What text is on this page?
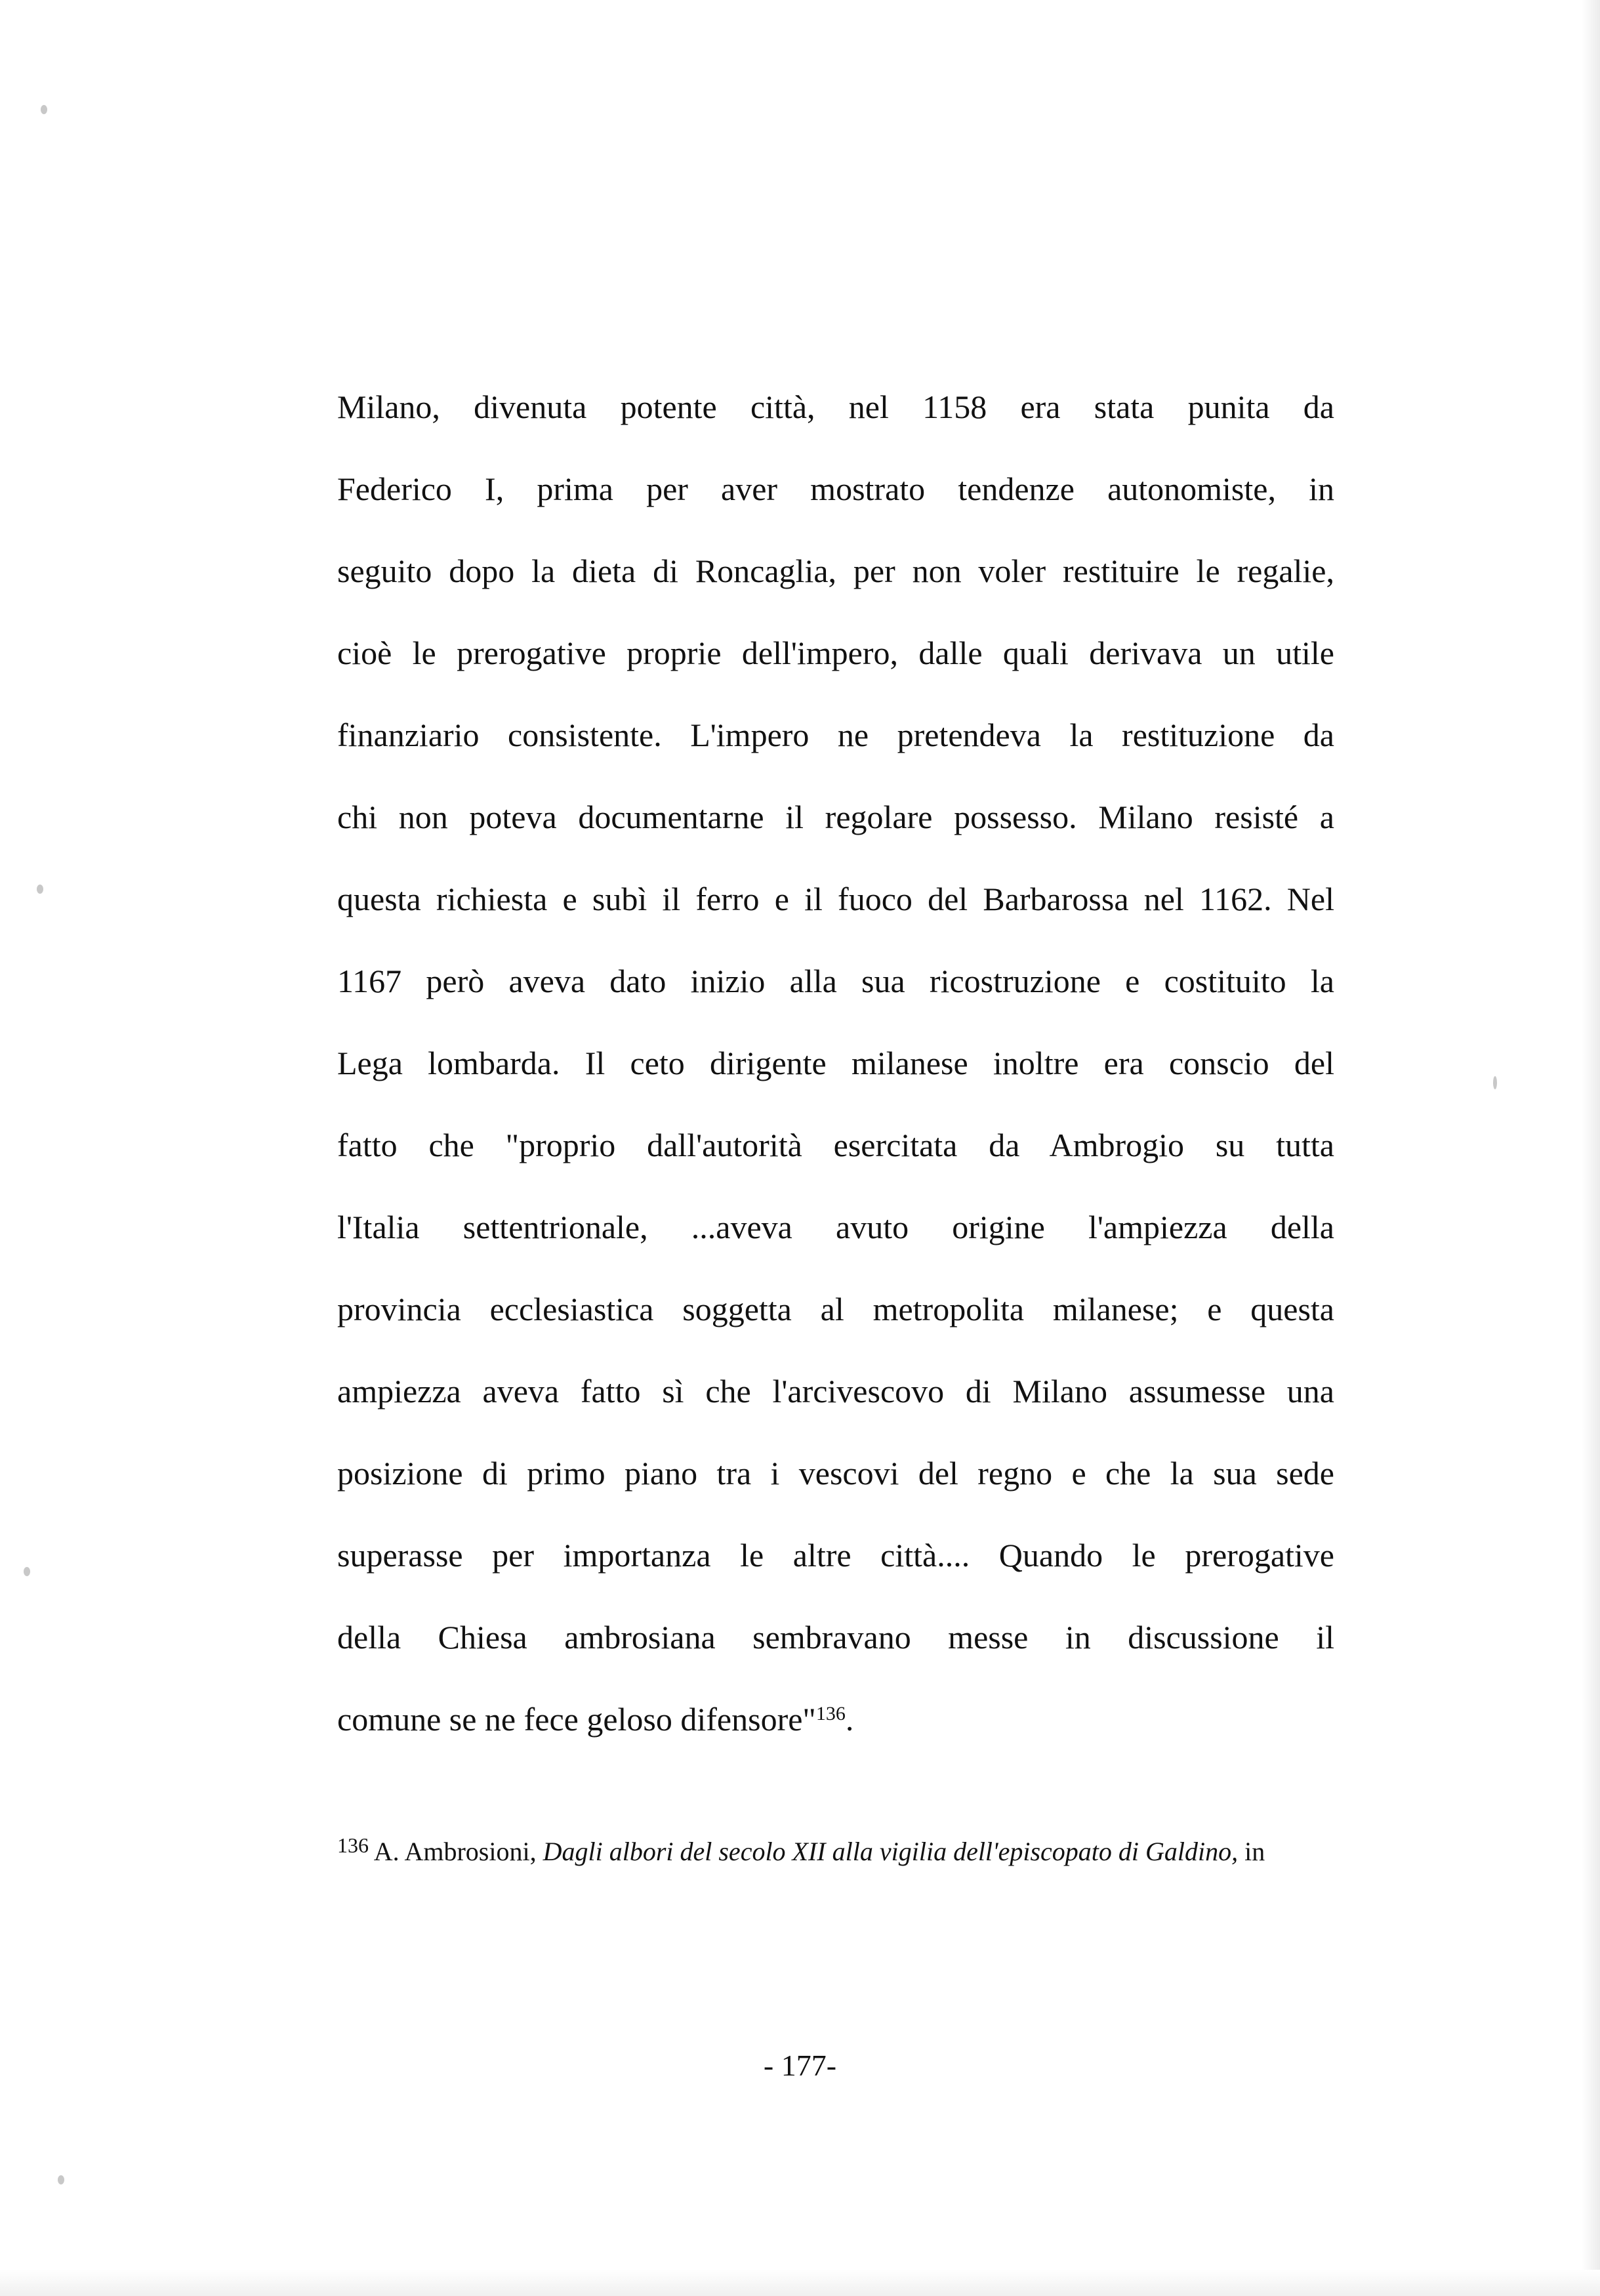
Milano, divenuta potente città, nel 1158 era stata punita da
Federico I, prima per aver mostrato tendenze autonomiste, in
seguito dopo la dieta di Roncaglia, per non voler restituire le regalie,
cioè le prerogative proprie dell'impero, dalle quali derivava un utile
finanziario consistente. L'impero ne pretendeva la restituzione da
chi non poteva documentarne il regolare possesso. Milano resisté a
questa richiesta e subì il ferro e il fuoco del Barbarossa nel 1162. Nel
1167 però aveva dato inizio alla sua ricostruzione e costituito la
Lega lombarda. Il ceto dirigente milanese inoltre era conscio del
fatto che "proprio dall'autorità esercitata da Ambrogio su tutta
l'Italia settentrionale, ...aveva avuto origine l'ampiezza della
provincia ecclesiastica soggetta al metropolita milanese; e questa
ampiezza aveva fatto sì che l'arcivescovo di Milano assumesse una
posizione di primo piano tra i vescovi del regno e che la sua sede
superasse per importanza le altre città.... Quando le prerogative
della Chiesa ambrosiana sembravano messe in discussione il
comune se ne fece geloso difensore"$^{136}$.
$^{136}$ A. Ambrosioni, Dagli albori del secolo XII alla vigilia dell'episcopato di Galdino, in
- 177-
